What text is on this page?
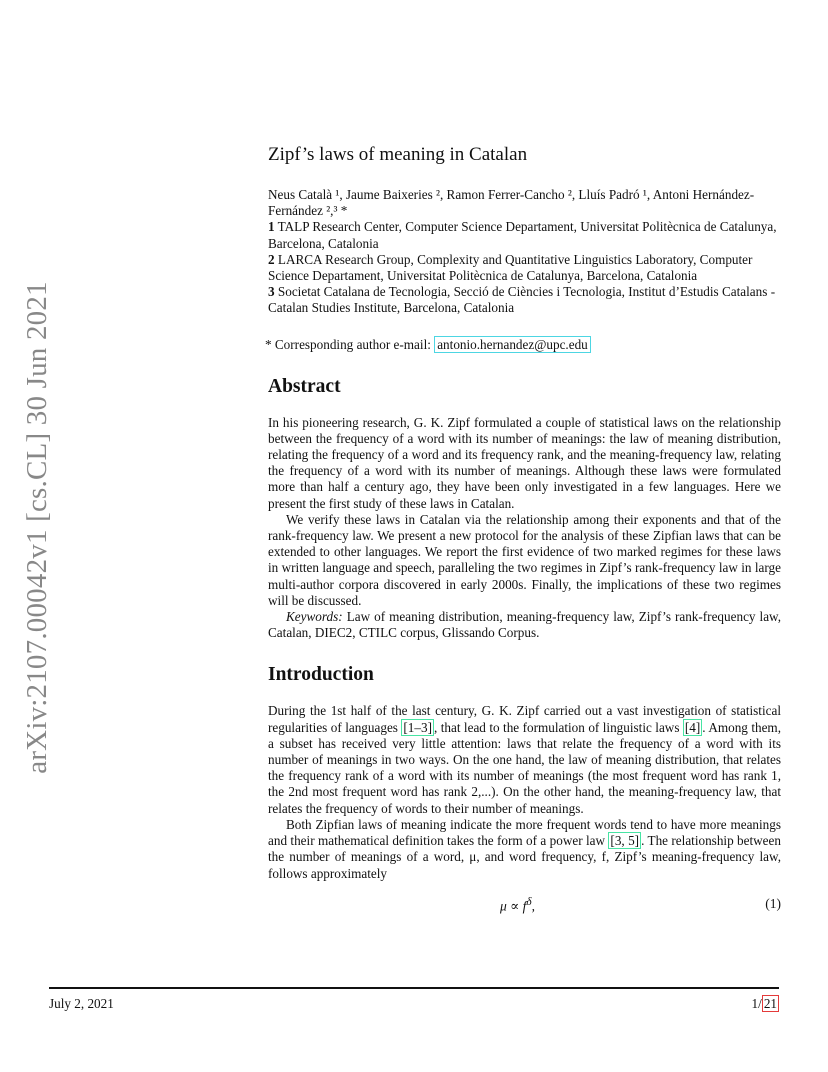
arXiv:2107.00042v1 [cs.CL] 30 Jun 2021
Zipf’s laws of meaning in Catalan
Neus Català ¹, Jaume Baixeries ², Ramon Ferrer-Cancho ², Lluís Padró ¹, Antoni Hernández-Fernández ²,³ *
1 TALP Research Center, Computer Science Departament, Universitat Politècnica de Catalunya, Barcelona, Catalonia
2 LARCA Research Group, Complexity and Quantitative Linguistics Laboratory, Computer Science Departament, Universitat Politècnica de Catalunya, Barcelona, Catalonia
3 Societat Catalana de Tecnologia, Secció de Ciències i Tecnologia, Institut d’Estudis Catalans - Catalan Studies Institute, Barcelona, Catalonia
* Corresponding author e-mail: antonio.hernandez@upc.edu
Abstract

In his pioneering research, G. K. Zipf formulated a couple of statistical laws on the relationship between the frequency of a word with its number of meanings: the law of meaning distribution, relating the frequency of a word and its frequency rank, and the meaning-frequency law, relating the frequency of a word with its number of meanings. Although these laws were formulated more than half a century ago, they have been only investigated in a few languages. Here we present the first study of these laws in Catalan.

We verify these laws in Catalan via the relationship among their exponents and that of the rank-frequency law. We present a new protocol for the analysis of these Zipfian laws that can be extended to other languages. We report the first evidence of two marked regimes for these laws in written language and speech, paralleling the two regimes in Zipf’s rank-frequency law in large multi-author corpora discovered in early 2000s. Finally, the implications of these two regimes will be discussed.

Keywords: Law of meaning distribution, meaning-frequency law, Zipf’s rank-frequency law, Catalan, DIEC2, CTILC corpus, Glissando Corpus.

Introduction

During the 1st half of the last century, G. K. Zipf carried out a vast investigation of statistical regularities of languages [1–3] , that lead to the formulation of linguistic laws [4] . Among them, a subset has received very little attention: laws that relate the frequency of a word with its number of meanings in two ways. On the one hand, the law of meaning distribution, that relates the frequency rank of a word with its number of meanings (the most frequent word has rank 1, the 2nd most frequent word has rank 2,...). On the other hand, the meaning-frequency law, that relates the frequency of words to their number of meanings.

Both Zipfian laws of meaning indicate the more frequent words tend to have more meanings and their mathematical definition takes the form of a power law [3, 5] . The relationship between the number of meanings of a word, μ, and word frequency, f, Zipf’s meaning-frequency law, follows approximately

$\mu \propto f^\delta$,	(1)
July 2, 2021	1/ 21
